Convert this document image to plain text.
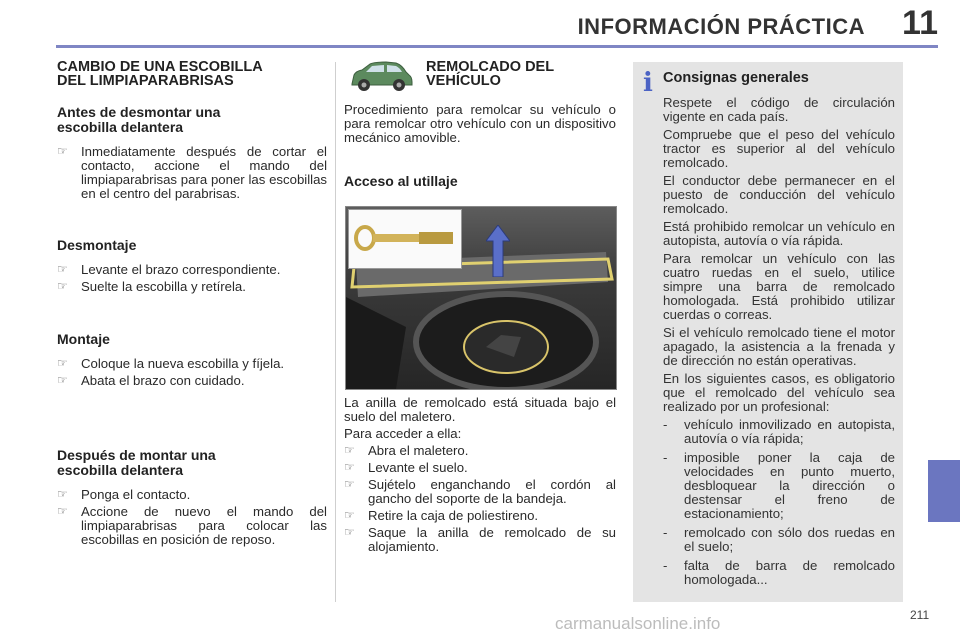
INFORMACIÓN PRÁCTICA 11
CAMBIO DE UNA ESCOBILLA
DEL LIMPIAPARABRISAS
Antes de desmontar una
escobilla delantera
☞ Inmediatamente después de cortar el contacto, accione el mando del limpiaparabrisas para poner las escobillas en el centro del parabrisas.
Desmontaje
☞ Levante el brazo correspondiente.
☞ Suelte la escobilla y retírela.
Montaje
☞ Coloque la nueva escobilla y fíjela.
☞ Abata el brazo con cuidado.
Después de montar una
escobilla delantera
☞ Ponga el contacto.
☞ Accione de nuevo el mando del limpiaparabrisas para colocar las escobillas en posición de reposo.
REMOLCADO DEL
VEHÍCULO

Procedimiento para remolcar su vehículo o para remolcar otro vehículo con un dispositivo mecánico amovible.

Acceso al utillaje

La anilla de remolcado está situada bajo el suelo del maletero.

Para acceder a ella:

☞ Abra el maletero.
☞ Levante el suelo.
☞ Sujételo enganchando el cordón al gancho del soporte de la bandeja.
☞ Retire la caja de poliestireno.
☞ Saque la anilla de remolcado de su alojamiento.
i Consignas generales

Respete el código de circulación vigente en cada país.

Compruebe que el peso del vehículo tractor es superior al del vehículo remolcado.

El conductor debe permanecer en el puesto de conducción del vehículo remolcado.

Está prohibido remolcar un vehículo en autopista, autovía o vía rápida.

Para remolcar un vehículo con las cuatro ruedas en el suelo, utilice simpre una barra de remolcado homologada. Está prohibido utilizar cuerdas o correas.

Si el vehículo remolcado tiene el motor apagado, la asistencia a la frenada y de dirección no están operativas.

En los siguientes casos, es obligatorio que el remolcado del vehículo sea realizado por un profesional:

- vehículo inmovilizado en autopista, autovía o vía rápida;
- imposible poner la caja de velocidades en punto muerto, desbloquear la dirección o destensar el freno de estacionamiento;
- remolcado con sólo dos ruedas en el suelo;
- falta de barra de remolcado homologada...
211
carmanualsonline.info
